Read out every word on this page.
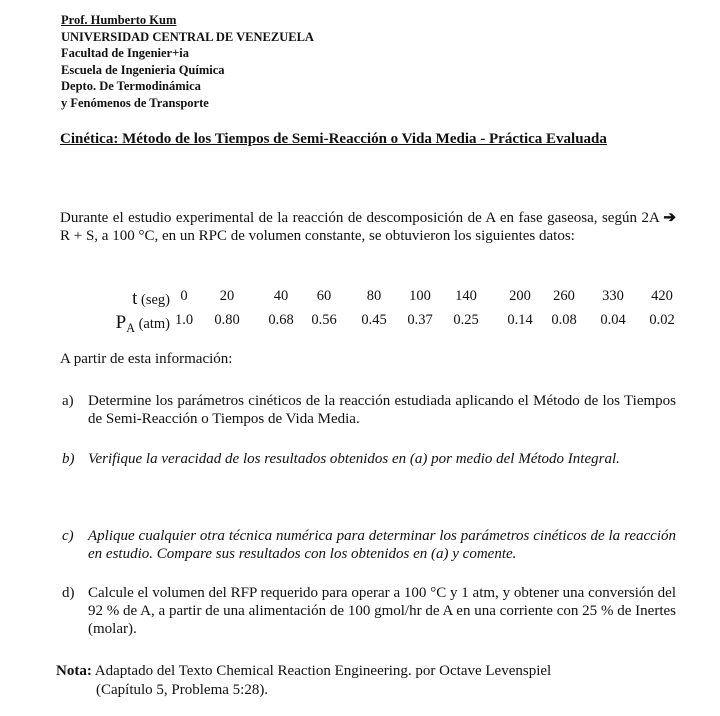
Prof. Humberto Kum
UNIVERSIDAD CENTRAL DE VENEZUELA
Facultad de Ingenier+ia
Escuela de Ingenieria Química
Depto. De Termodinámica
y Fenómenos de Transporte
Cinética: Método de los Tiempos de Semi-Reacción o Vida Media - Práctica Evaluada
Durante el estudio experimental de la reacción de descomposición de A en fase gaseosa, según 2A ➔ R + S, a 100 °C, en un RPC de volumen constante, se obtuvieron los siguientes datos:
t (seg) 0	20	40	60	80	100	140	200	260	330	420
$P_A$ (atm) 1.0	0.80	0.68	0.56	0.45	0.37	0.25	0.14	0.08	0.04	0.02
A partir de esta información:
a) Determine los parámetros cinéticos de la reacción estudiada aplicando el Método de los Tiempos de Semi-Reacción o Tiempos de Vida Media.
b) Verifique la veracidad de los resultados obtenidos en (a) por medio del Método Integral.
c) Aplique cualquier otra técnica numérica para determinar los parámetros cinéticos de la reacción en estudio. Compare sus resultados con los obtenidos en (a) y comente.
d) Calcule el volumen del RFP requerido para operar a 100 °C y 1 atm, y obtener una conversión del 92 % de A, a partir de una alimentación de 100 gmol/hr de A en una corriente con 25 % de Inertes (molar).
Nota: Adaptado del Texto Chemical Reaction Engineering. por Octave Levenspiel
(Capítulo 5, Problema 5:28).
